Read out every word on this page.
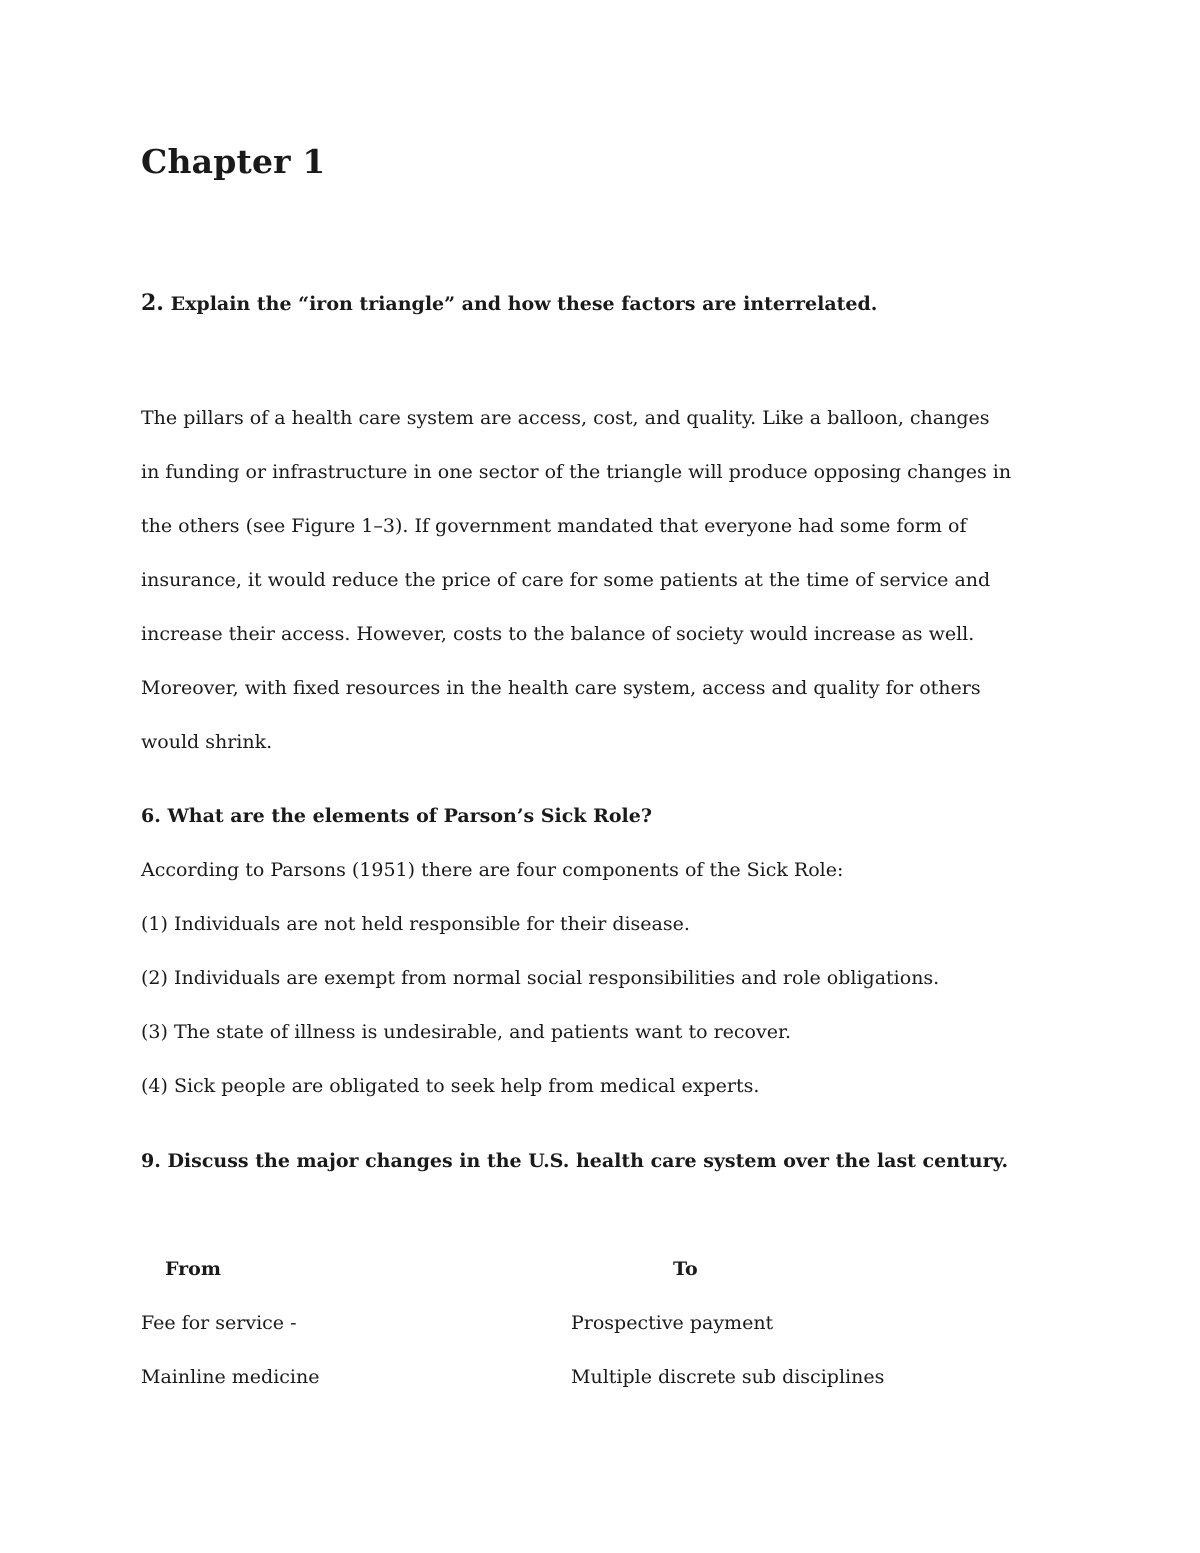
Chapter 1
2. Explain the “iron triangle” and how these factors are interrelated.
The pillars of a health care system are access, cost, and quality. Like a balloon, changes
in funding or infrastructure in one sector of the triangle will produce opposing changes in
the others (see Figure 1–3). If government mandated that everyone had some form of
insurance, it would reduce the price of care for some patients at the time of service and
increase their access. However, costs to the balance of society would increase as well.
Moreover, with fixed resources in the health care system, access and quality for others
would shrink.
6. What are the elements of Parson’s Sick Role?
According to Parsons (1951) there are four components of the Sick Role:
(1) Individuals are not held responsible for their disease.
(2) Individuals are exempt from normal social responsibilities and role obligations.
(3) The state of illness is undesirable, and patients want to recover.
(4) Sick people are obligated to seek help from medical experts.
9. Discuss the major changes in the U.S. health care system over the last century.
From	To
Fee for service -	Prospective payment
Mainline medicine	Multiple discrete sub disciplines
